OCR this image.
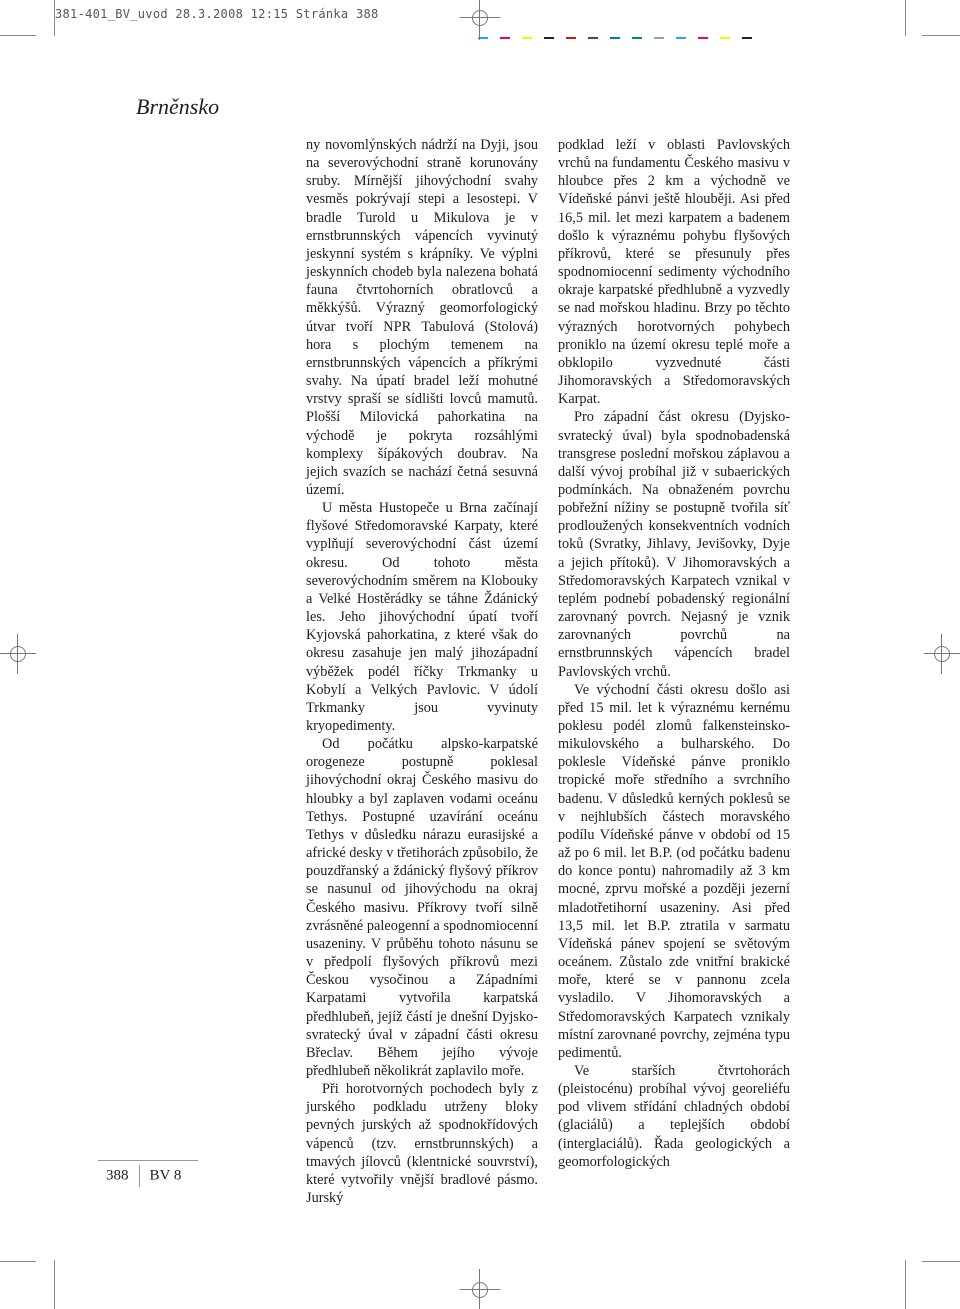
381-401_BV_uvod 28.3.2008 12:15 Stránka 388
Brněnsko

ny novomlýnských nádrží na Dyji, jsou na severovýchodní straně korunovány sruby. Mírnější jihovýchodní svahy vesměs pokrývají stepi a lesostepi. V bradle Turold u Mikulova je v ernstbrunnských vápencích vyvinutý jeskynní systém s krápníky. Ve výplni jeskynních chodeb byla nalezena bohatá fauna čtvrtohorních obratlovců a měkkýšů. Výrazný geomorfologický útvar tvoří NPR Tabulová (Stolová) hora s plochým temenem na ernstbrunnských vápencích a příkrými svahy. Na úpatí bradel leží mohutné vrstvy spraší se sídlišti lovců mamutů. Plošší Milovická pahorkatina na východě je pokryta rozsáhlými komplexy šípákových doubrav. Na jejich svazích se nachází četná sesuvná území.

U města Hustopeče u Brna začínají flyšové Středomoravské Karpaty, které vyplňují severovýchodní část území okresu. Od tohoto města severovýchodním směrem na Klobouky a Velké Hostěrádky se táhne Ždánický les. Jeho jihovýchodní úpatí tvoří Kyjovská pahorkatina, z které však do okresu zasahuje jen malý jihozápadní výběžek podél říčky Trkmanky u Kobylí a Velkých Pavlovic. V údolí Trkmanky jsou vyvinuty kryopedimenty.

Od počátku alpsko-karpatské orogeneze postupně poklesal jihovýchodní okraj Českého masivu do hloubky a byl zaplaven vodami oceánu Tethys. Postupné uzavírání oceánu Tethys v důsledku nárazu eurasijské a africké desky v třetihorách způsobilo, že pouzdřanský a ždánický flyšový příkrov se nasunul od jihovýchodu na okraj Českého masivu. Příkrovy tvoří silně zvrásněné paleogenní a spodnomiocenní usazeniny. V průběhu tohoto násunu se v předpolí flyšových příkrovů mezi Českou vysočinou a Západními Karpatami vytvořila karpatská předhlubeň, jejíž částí je dnešní Dyjsko-svratecký úval v západní části okresu Břeclav. Během jejího vývoje předhlubeň několikrát zaplavilo moře.

Při horotvorných pochodech byly z jurského podkladu utrženy bloky pevných jurských až spodnokřídových vápenců (tzv. ernstbrunnských) a tmavých jílovců (klentnické souvrství), které vytvořily vnější bradlové pásmo. Jurský

podklad leží v oblasti Pavlovských vrchů na fundamentu Českého masivu v hloubce přes 2 km a východně ve Vídeňské pánvi ještě hlouběji. Asi před 16,5 mil. let mezi karpatem a badenem došlo k výraznému pohybu flyšových příkrovů, které se přesunuly přes spodnomiocenní sedimenty východního okraje karpatské předhlubně a vyzvedly se nad mořskou hladinu. Brzy po těchto výrazných horotvorných pohybech proniklo na území okresu teplé moře a obklopilo vyzvednuté části Jihomoravských a Středomoravských Karpat.

Pro západní část okresu (Dyjsko-svratecký úval) byla spodnobadenská transgrese poslední mořskou záplavou a další vývoj probíhal již v subaerických podmínkách. Na obnaženém povrchu pobřežní nížiny se postupně tvořila síť prodloužených konsekventních vodních toků (Svratky, Jihlavy, Jevišovky, Dyje a jejich přítoků). V Jihomoravských a Středomoravských Karpatech vznikal v teplém podnebí pobadenský regionální zarovnaný povrch. Nejasný je vznik zarovnaných povrchů na ernstbrunnských vápencích bradel Pavlovských vrchů.

Ve východní části okresu došlo asi před 15 mil. let k výraznému kernému poklesu podél zlomů falkensteinsko-mikulovského a bulharského. Do poklesle Vídeňské pánve proniklo tropické moře středního a svrchního badenu. V důsledků kerných poklesů se v nejhlubších částech moravského podílu Vídeňské pánve v období od 15 až po 6 mil. let B.P. (od počátku badenu do konce pontu) nahromadily až 3 km mocné, zprvu mořské a později jezerní mladotřetihorní usazeniny. Asi před 13,5 mil. let B.P. ztratila v sarmatu Vídeňská pánev spojení se světovým oceánem. Zůstalo zde vnitřní brakické moře, které se v pannonu zcela vysladilo. V Jihomoravských a Středomoravských Karpatech vznikaly místní zarovnané povrchy, zejména typu pedimentů.

Ve starších čtvrtohorách (pleistocénu) probíhal vývoj georeliéfu pod vlivem střídání chladných období (glaciálů) a teplejších období (interglaciálů). Řada geologických a geomorfologických

388 BV 8
